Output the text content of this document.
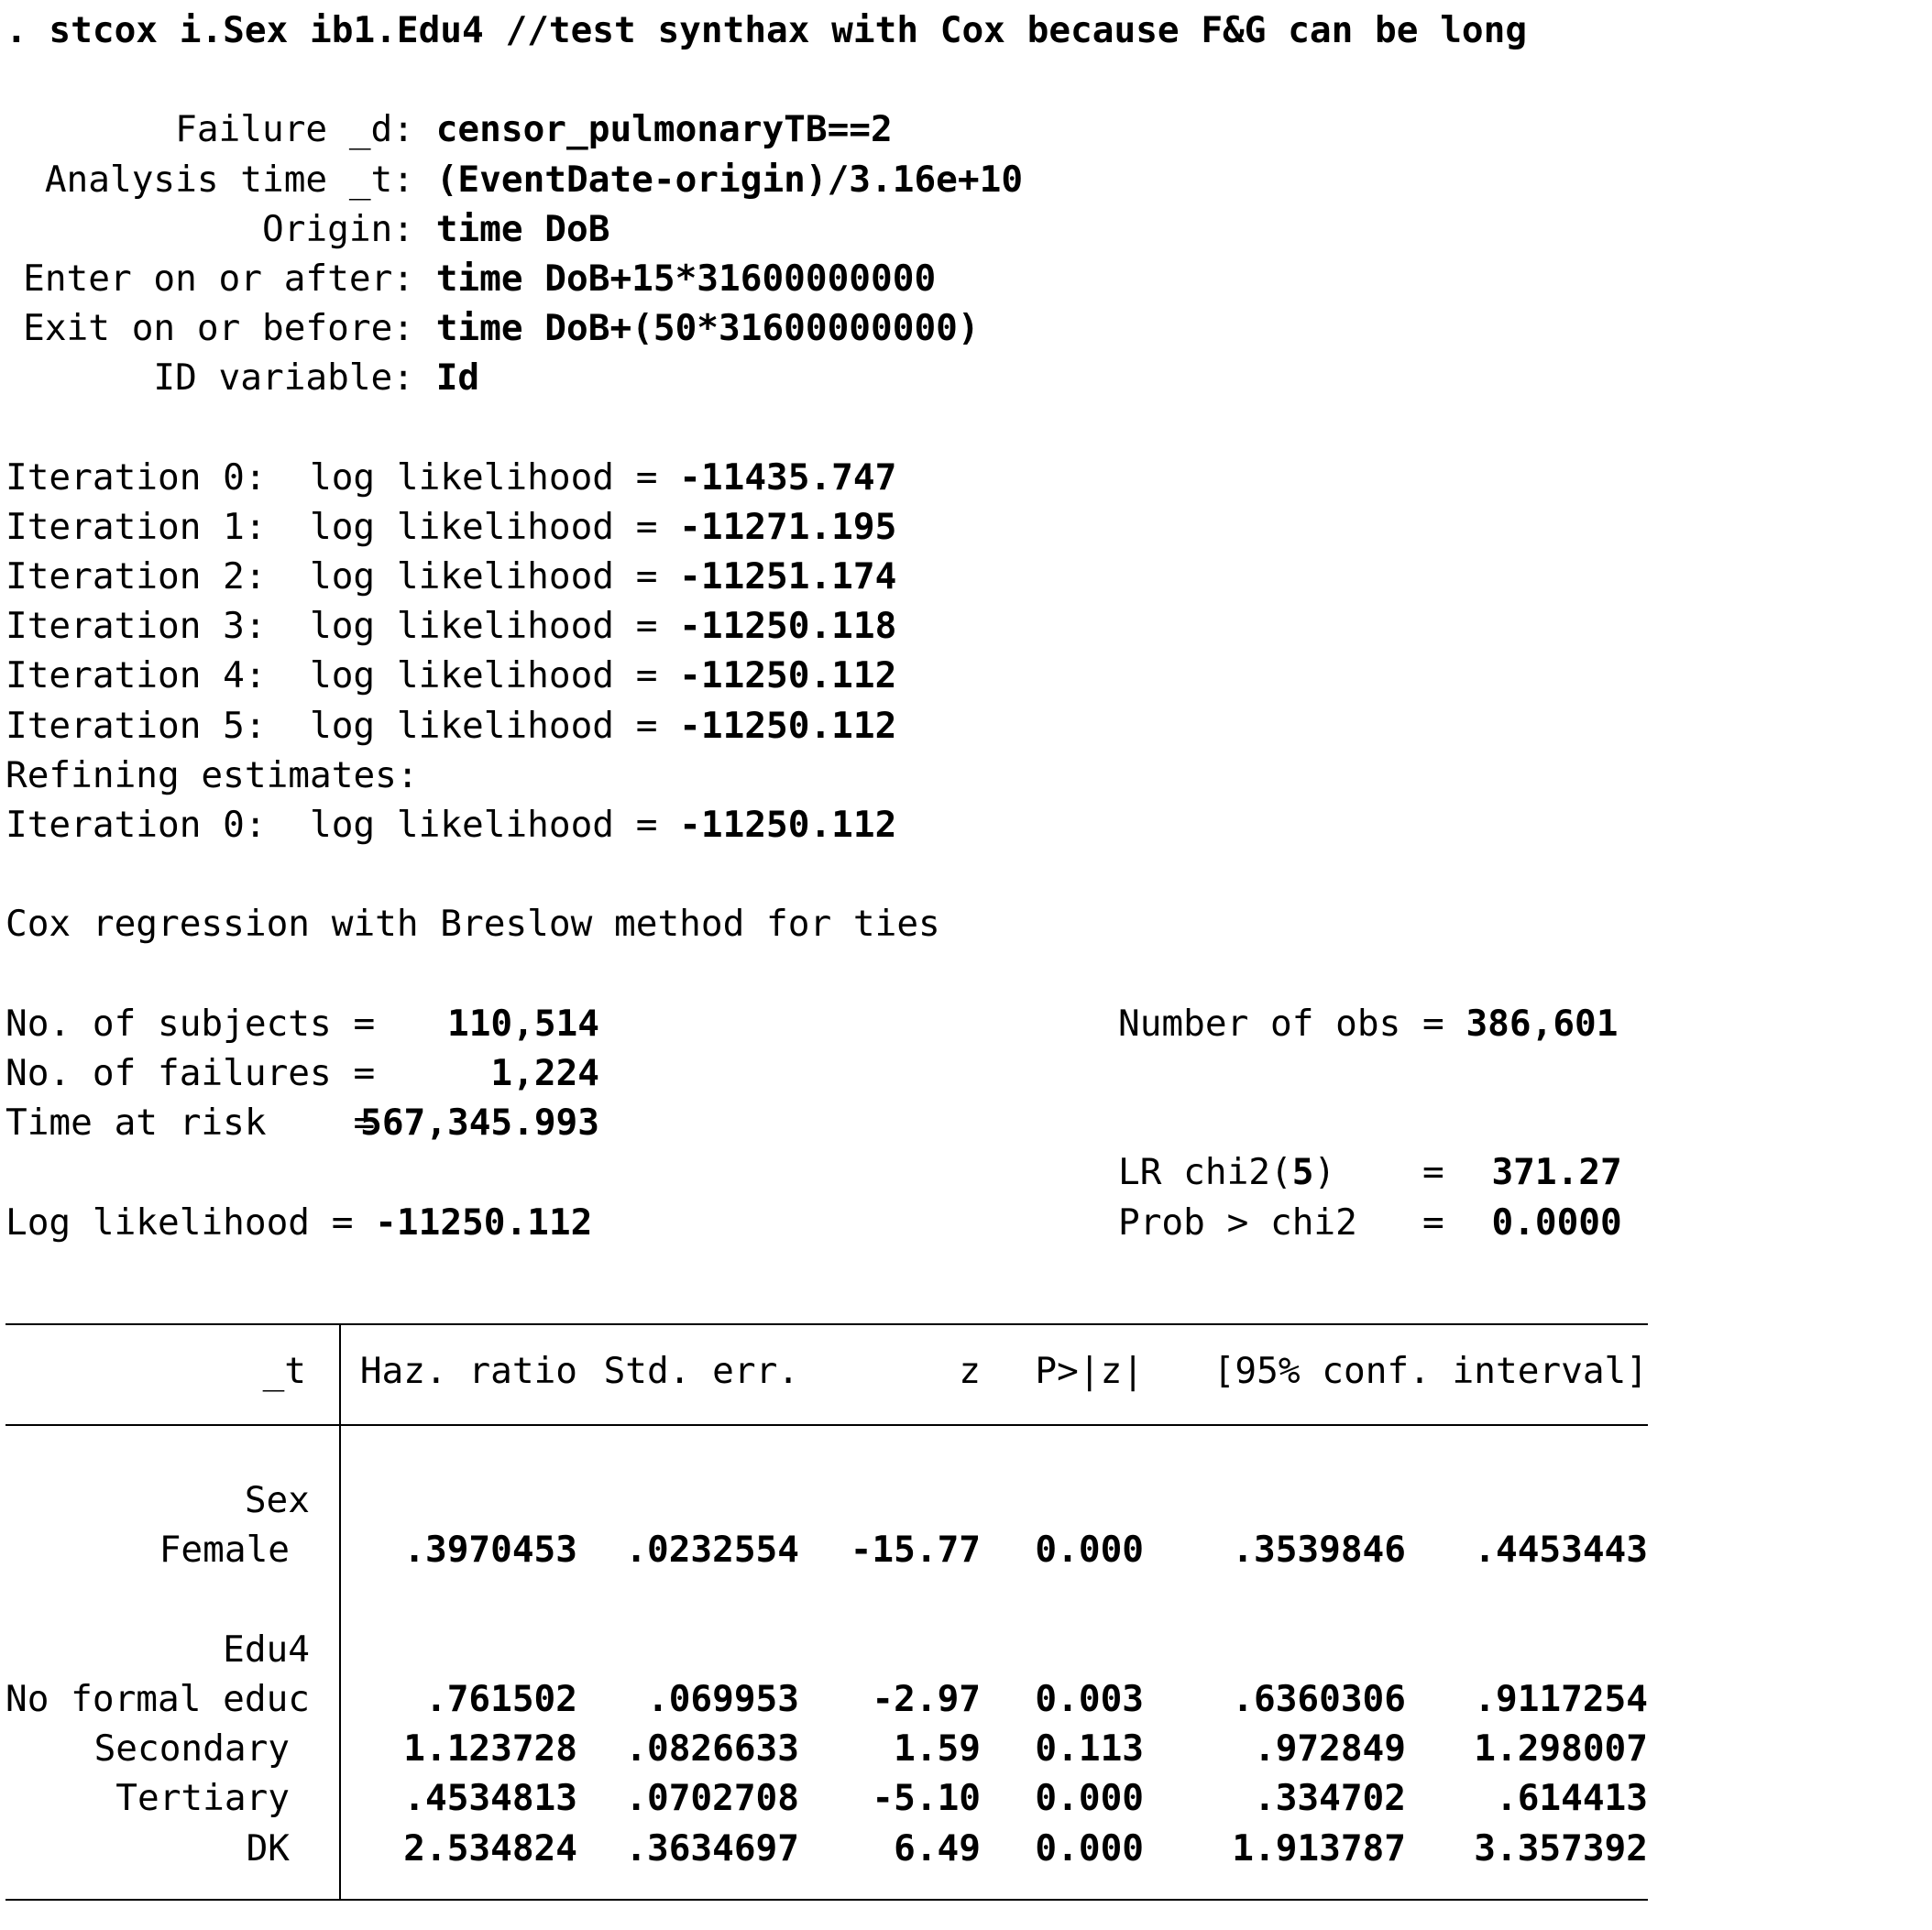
. stcox i.Sex ib1.Edu4 //test synthax with Cox because F&G can be long
Failure _d: censor_pulmonaryTB==2
Analysis time _t: (EventDate-origin)/3.16e+10
Origin: time DoB
Enter on or after: time DoB+15*31600000000
Exit on or before: time DoB+(50*31600000000)
ID variable: Id
Iteration 0: log likelihood = -11435.747
Iteration 1: log likelihood = -11271.195
Iteration 2: log likelihood = -11251.174
Iteration 3: log likelihood = -11250.118
Iteration 4: log likelihood = -11250.112
Iteration 5: log likelihood = -11250.112
Refining estimates:
Iteration 0: log likelihood = -11250.112
Cox regression with Breslow method for ties
No. of subjects = 110,514	Number of obs = 386,601
No. of failures =	1,224
Time at risk    =567,345.993
LR chi2(5)    = 371.27
Log likelihood = -11250.112	Prob > chi2   = 0.0000
_t	Haz. ratio Std. err.	z	P>|z|	[95% conf. interval]
Sex
Female	.3970453	.0232554	-15.77	0.000	.3539846	.4453443
Edu4
No formal educ	.761502	.069953	-2.97	0.003	.6360306	.9117254
Secondary	1.123728	.0826633	1.59	0.113	.972849	1.298007
Tertiary	.4534813	.0702708	-5.10	0.000	.334702	.614413
DK	2.534824	.3634697	6.49	0.000	1.913787	3.357392
